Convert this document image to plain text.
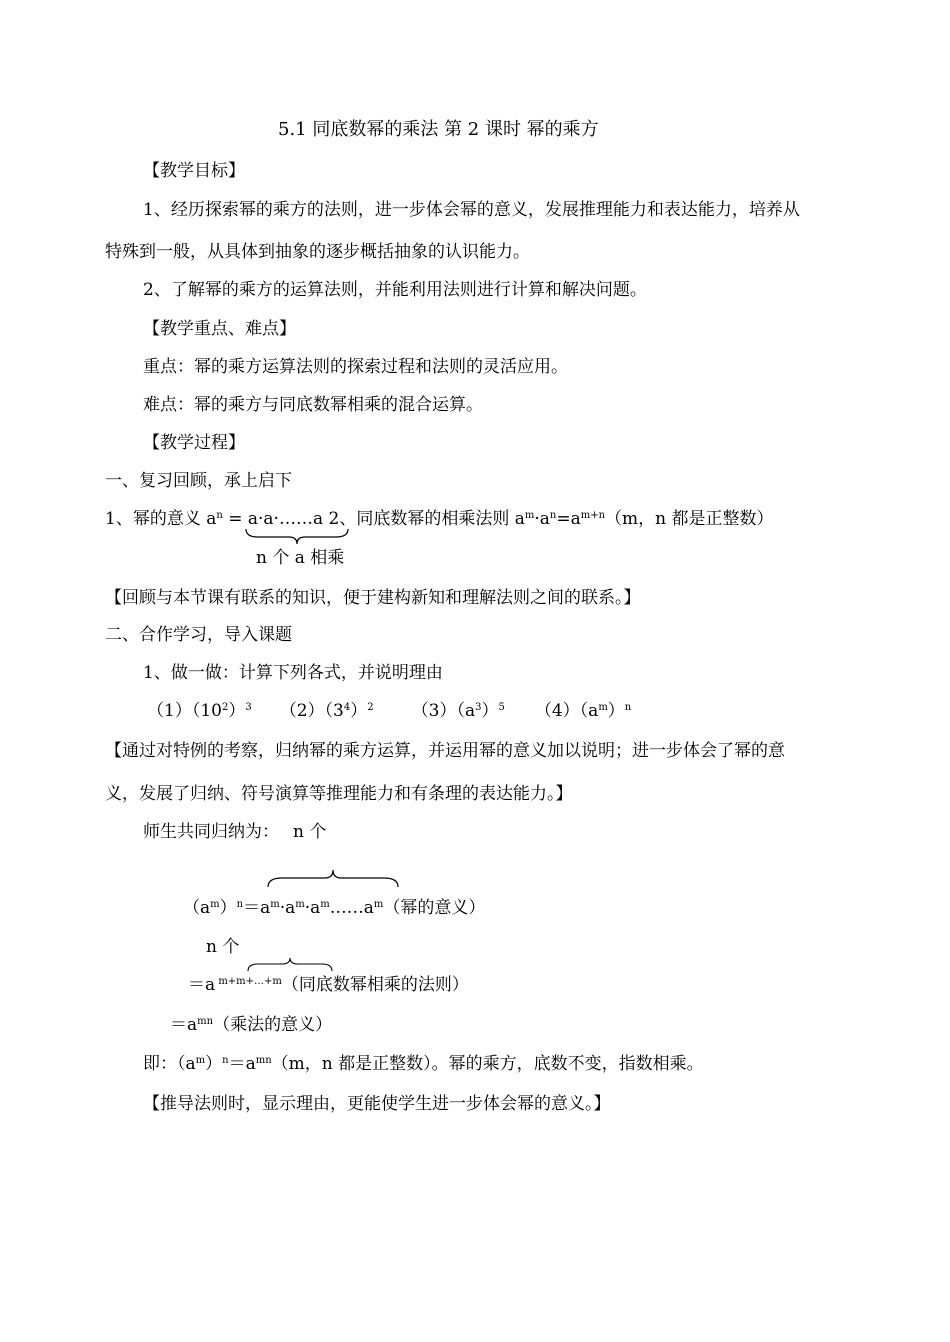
5.1 同底数幂的乘法 第 2 课时 幂的乘方
【教学目标】
1、经历探索幂的乘方的法则，进一步体会幂的意义，发展推理能力和表达能力，培养从
特殊到一般，从具体到抽象的逐步概括抽象的认识能力。
2、了解幂的乘方的运算法则，并能利用法则进行计算和解决问题。
【教学重点、难点】
重点：幂的乘方运算法则的探索过程和法则的灵活应用。
难点：幂的乘方与同底数幂相乘的混合运算。
【教学过程】
一、复习回顾，承上启下
1、幂的意义 $a^n$ = a·a·……a 2、同底数幂的相乘法则 $a^m\cdot a^n=a^{m+n}(m$，n 都是正整数）
n 个 a 相乘
【回顾与本节课有联系的知识，便于建构新知和理解法则之间的联系。】
二、合作学习，导入课题
1、做一做：计算下列各式，并说明理由
$(1)(10^2)^3$ $(2)(3^4)^2$ $(3)(a^3)^5$ $(4)(a^m)^n$
【通过对特例的考察，归纳幂的乘方运算，并运用幂的意义加以说明；进一步体会了幂的意
义，发展了归纳、符号演算等推理能力和有条理的表达能力。】
师生共同归纳为： n 个
$(a^m)^n=a^m\cdot a^m\cdot a^m\dots\dots a^m$（幂的意义）
n 个
＝a $^{m+m+\dots+m}$（同底数幂相乘的法则）
$=a^{mn}$（乘法的意义）
即：$(a^m)^n=a^{mn}(m$，n 都是正整数）。幂的乘方，底数不变，指数相乘。
【推导法则时，显示理由，更能使学生进一步体会幂的意义。】
